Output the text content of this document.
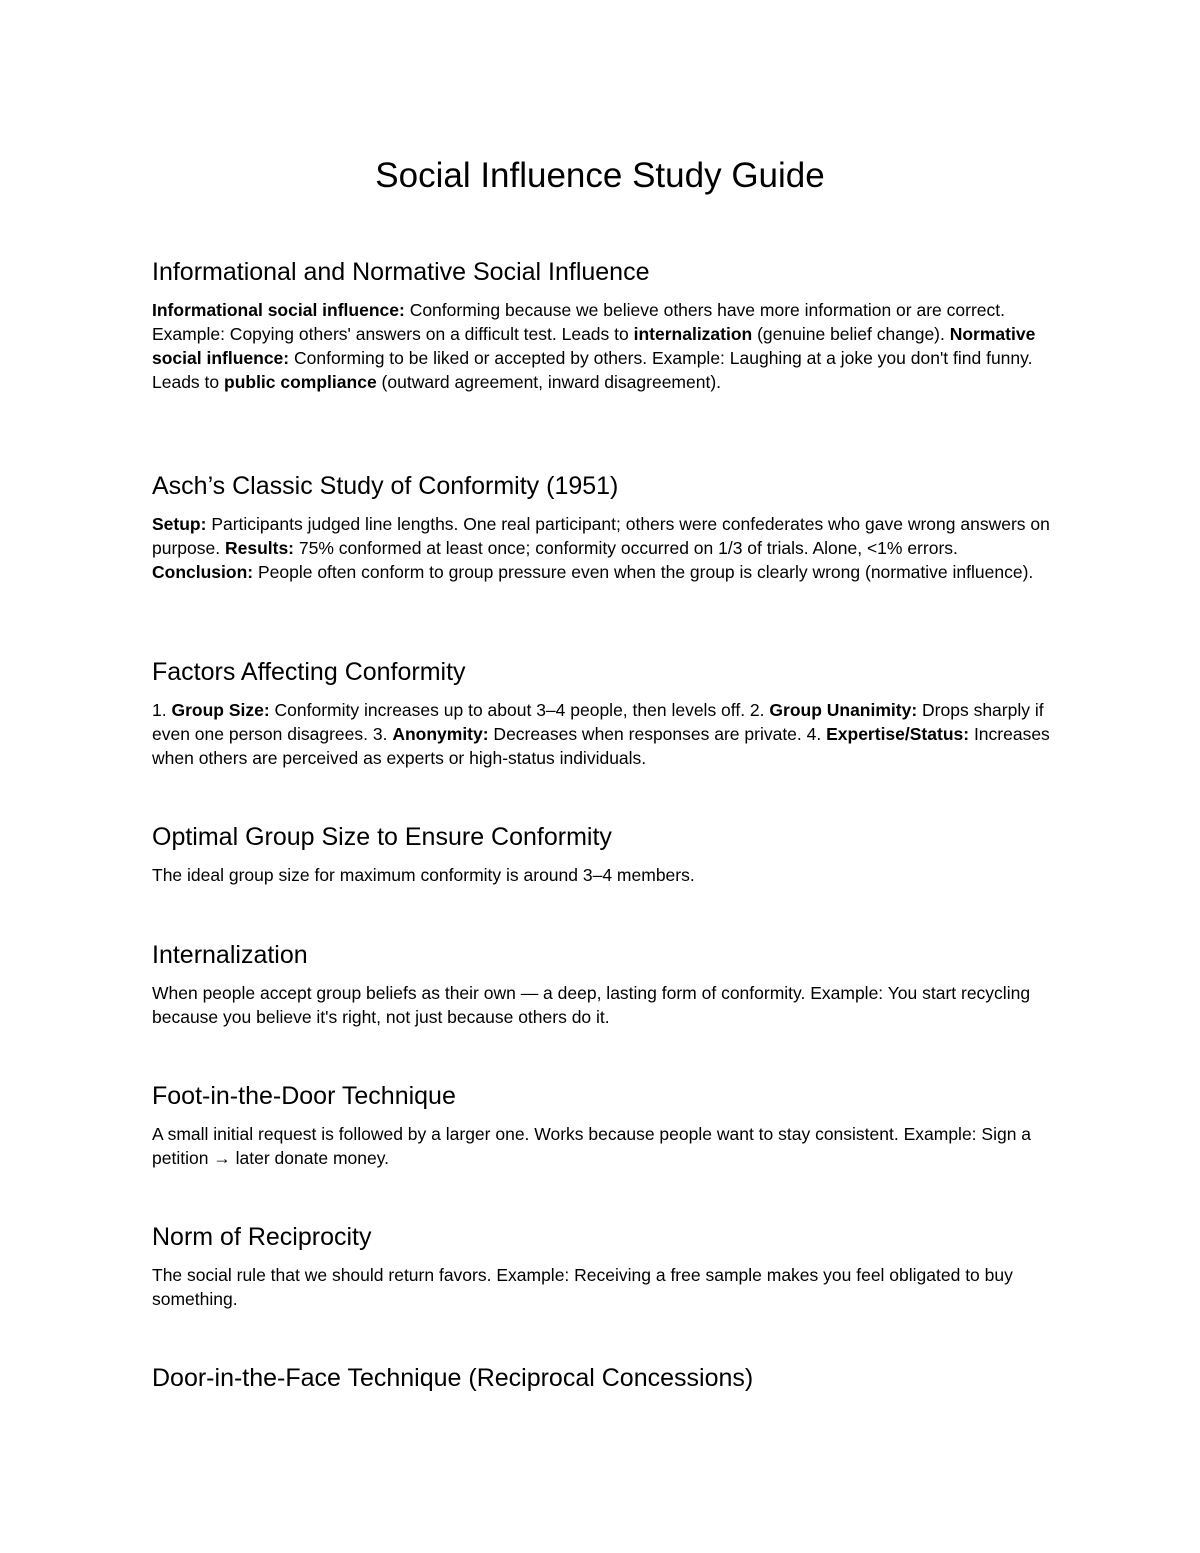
Social Influence Study Guide
Informational and Normative Social Influence

Informational social influence: Conforming because we believe others have more information or are correct. Example: Copying others' answers on a difficult test. Leads to internalization (genuine belief change). Normative social influence: Conforming to be liked or accepted by others. Example: Laughing at a joke you don't find funny. Leads to public compliance (outward agreement, inward disagreement).

Asch’s Classic Study of Conformity (1951)

Setup: Participants judged line lengths. One real participant; others were confederates who gave wrong answers on purpose. Results: 75% conformed at least once; conformity occurred on 1/3 of trials. Alone, <1% errors. Conclusion: People often conform to group pressure even when the group is clearly wrong (normative influence).

Factors Affecting Conformity

1. Group Size: Conformity increases up to about 3–4 people, then levels off. 2. Group Unanimity: Drops sharply if even one person disagrees. 3. Anonymity: Decreases when responses are private. 4. Expertise/Status: Increases when others are perceived as experts or high-status individuals.

Optimal Group Size to Ensure Conformity

The ideal group size for maximum conformity is around 3–4 members.

Internalization

When people accept group beliefs as their own — a deep, lasting form of conformity. Example: You start recycling because you believe it's right, not just because others do it.

Foot-in-the-Door Technique

A small initial request is followed by a larger one. Works because people want to stay consistent. Example: Sign a petition → later donate money.

Norm of Reciprocity

The social rule that we should return favors. Example: Receiving a free sample makes you feel obligated to buy something.

Door-in-the-Face Technique (Reciprocal Concessions)
